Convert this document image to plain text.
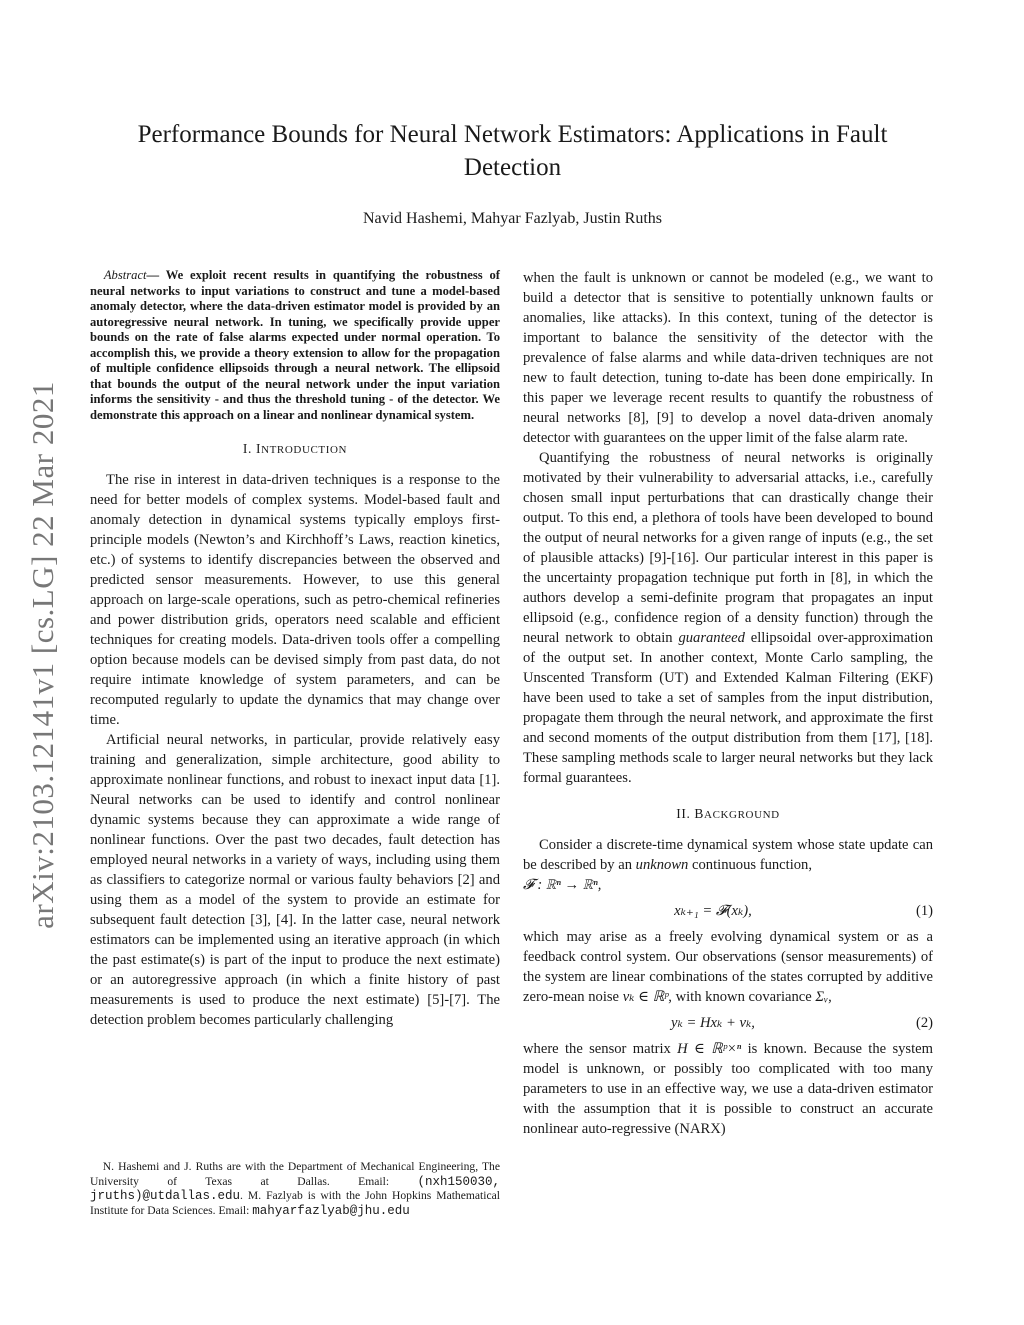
arXiv:2103.12141v1 [cs.LG] 22 Mar 2021
Performance Bounds for Neural Network Estimators: Applications in Fault Detection
Navid Hashemi, Mahyar Fazlyab, Justin Ruths

Abstract— We exploit recent results in quantifying the robustness of neural networks to input variations to construct and tune a model-based anomaly detector, where the data-driven estimator model is provided by an autoregressive neural network. In tuning, we specifically provide upper bounds on the rate of false alarms expected under normal operation. To accomplish this, we provide a theory extension to allow for the propagation of multiple confidence ellipsoids through a neural network. The ellipsoid that bounds the output of the neural network under the input variation informs the sensitivity - and thus the threshold tuning - of the detector. We demonstrate this approach on a linear and nonlinear dynamical system.

I. INTRODUCTION

The rise in interest in data-driven techniques is a response to the need for better models of complex systems. Model-based fault and anomaly detection in dynamical systems typically employs first-principle models (Newton’s and Kirchhoff’s Laws, reaction kinetics, etc.) of systems to identify discrepancies between the observed and predicted sensor measurements. However, to use this general approach on large-scale operations, such as petro-chemical refineries and power distribution grids, operators need scalable and efficient techniques for creating models. Data-driven tools offer a compelling option because models can be devised simply from past data, do not require intimate knowledge of system parameters, and can be recomputed regularly to update the dynamics that may change over time.

Artificial neural networks, in particular, provide relatively easy training and generalization, simple architecture, good ability to approximate nonlinear functions, and robust to inexact input data [1]. Neural networks can be used to identify and control nonlinear dynamic systems because they can approximate a wide range of nonlinear functions. Over the past two decades, fault detection has employed neural networks in a variety of ways, including using them as classifiers to categorize normal or various faulty behaviors [2] and using them as a model of the system to provide an estimate for subsequent fault detection [3], [4]. In the latter case, neural network estimators can be implemented using an iterative approach (in which the past estimate(s) is part of the input to produce the next estimate) or an autoregressive approach (in which a finite history of past measurements is used to produce the next estimate) [5]-[7]. The detection problem becomes particularly challenging

N. Hashemi and J. Ruths are with the Department of Mechanical Engineering, The University of Texas at Dallas. Email: (nxh150030, jruths)@utdallas.edu. M. Fazlyab is with the John Hopkins Mathematical Institute for Data Sciences. Email: mahyarfazlyab@jhu.edu

when the fault is unknown or cannot be modeled (e.g., we want to build a detector that is sensitive to potentially unknown faults or anomalies, like attacks). In this context, tuning of the detector is important to balance the sensitivity of the detector with the prevalence of false alarms and while data-driven techniques are not new to fault detection, tuning to-date has been done empirically. In this paper we leverage recent results to quantify the robustness of neural networks [8], [9] to develop a novel data-driven anomaly detector with guarantees on the upper limit of the false alarm rate.

Quantifying the robustness of neural networks is originally motivated by their vulnerability to adversarial attacks, i.e., carefully chosen small input perturbations that can drastically change their output. To this end, a plethora of tools have been developed to bound the output of neural networks for a given range of inputs (e.g., the set of plausible attacks) [9]-[16]. Our particular interest in this paper is the uncertainty propagation technique put forth in [8], in which the authors develop a semi-definite program that propagates an input ellipsoid (e.g., confidence region of a density function) through the neural network to obtain guaranteed ellipsoidal over-approximation of the output set. In another context, Monte Carlo sampling, the Unscented Transform (UT) and Extended Kalman Filtering (EKF) have been used to take a set of samples from the input distribution, propagate them through the neural network, and approximate the first and second moments of the output distribution from them [17], [18]. These sampling methods scale to larger neural networks but they lack formal guarantees.

II. BACKGROUND

Consider a discrete-time dynamical system whose state update can be described by an unknown continuous function,
𝓕 : ℝⁿ → ℝⁿ,

xₖ₊₁ = 𝓕(xₖ),	(1)

which may arise as a freely evolving dynamical system or as a feedback control system. Our observations (sensor measurements) of the system are linear combinations of the states corrupted by additive zero-mean noise vₖ ∈ ℝᵖ, with known covariance Σᵥ,

yₖ = Hxₖ + vₖ,	(2)

where the sensor matrix H ∈ ℝᵖ×ⁿ is known. Because the system model is unknown, or possibly too complicated with too many parameters to use in an effective way, we use a data-driven estimator with the assumption that it is possible to construct an accurate nonlinear auto-regressive (NARX)
